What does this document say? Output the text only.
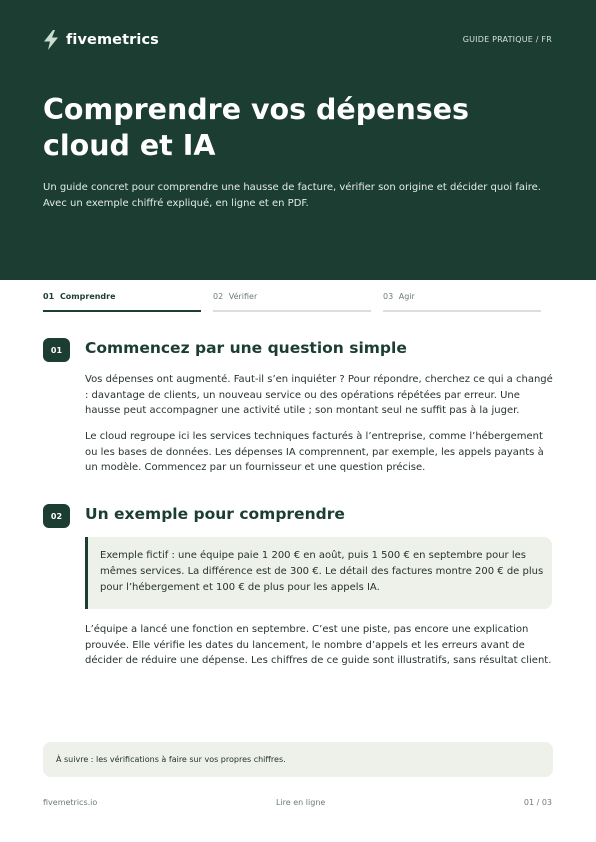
fivemetrics	GUIDE PRATIQUE / FR
Comprendre vos dépenses cloud et IA

Un guide concret pour comprendre une hausse de facture, vérifier son origine et décider quoi faire. Avec un exemple chiffré expliqué, en ligne et en PDF.

01 Comprendre	02 Vérifier	03 Agir
01	Commencez par une question simple

Vos dépenses ont augmenté. Faut-il s’en inquiéter ? Pour répondre, cherchez ce qui a changé : davantage de clients, un nouveau service ou des opérations répétées par erreur. Une hausse peut accompagner une activité utile ; son montant seul ne suffit pas à la juger.

Le cloud regroupe ici les services techniques facturés à l’entreprise, comme l’hébergement ou les bases de données. Les dépenses IA comprennent, par exemple, les appels payants à un modèle. Commencez par un fournisseur et une question précise.

02	Un exemple pour comprendre

Exemple fictif : une équipe paie 1 200 € en août, puis 1 500 € en septembre pour les mêmes services. La différence est de 300 €. Le détail des factures montre 200 € de plus pour l’hébergement et 100 € de plus pour les appels IA.

L’équipe a lancé une fonction en septembre. C’est une piste, pas encore une explication prouvée. Elle vérifie les dates du lancement, le nombre d’appels et les erreurs avant de décider de réduire une dépense. Les chiffres de ce guide sont illustratifs, sans résultat client.

À suivre : les vérifications à faire sur vos propres chiffres.
fivemetrics.io	Lire en ligne	01 / 03
